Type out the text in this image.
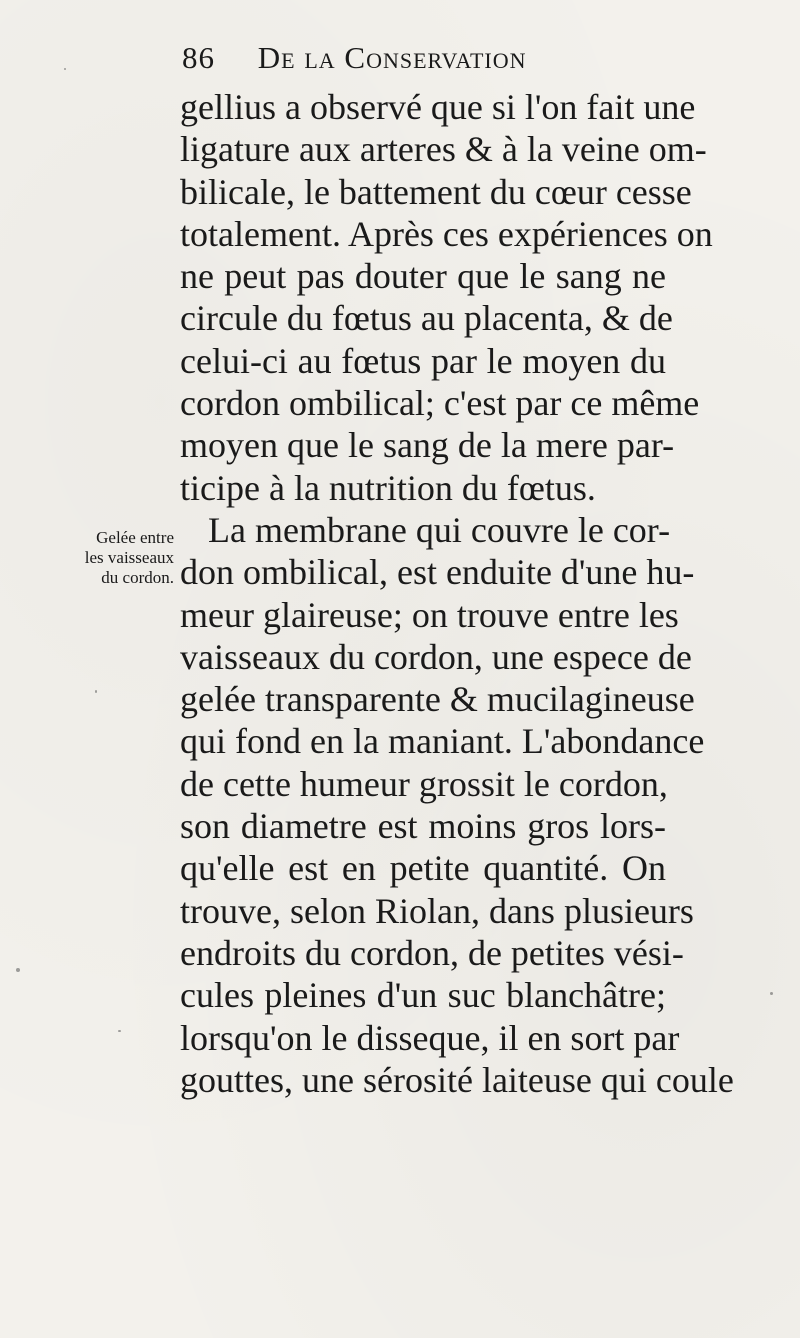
86 De la Conservation
Gelée entre
les vaisseaux
du cordon.
gellius a observé que si l'on fait une
ligature aux arteres & à la veine om-
bilicale, le battement du cœur cesse
totalement. Après ces expériences on
ne peut pas douter que le sang ne
circule du fœtus au placenta, & de
celui-ci au fœtus par le moyen du
cordon ombilical; c'est par ce même
moyen que le sang de la mere par-
ticipe à la nutrition du fœtus.
La membrane qui couvre le cor-
don ombilical, est enduite d'une hu-
meur glaireuse; on trouve entre les
vaisseaux du cordon, une espece de
gelée transparente & mucilagineuse
qui fond en la maniant. L'abondance
de cette humeur grossit le cordon,
son diametre est moins gros lors-
qu'elle est en petite quantité. On
trouve, selon Riolan, dans plusieurs
endroits du cordon, de petites vési-
cules pleines d'un suc blanchâtre;
lorsqu'on le disseque, il en sort par
gouttes, une sérosité laiteuse qui coule
